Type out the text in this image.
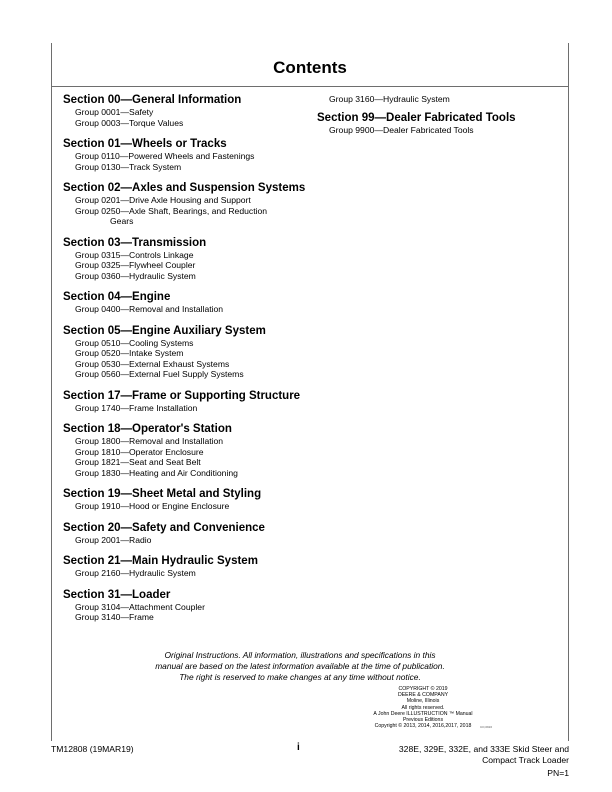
Contents
Section 00—General Information
Group 0001—Safety
Group 0003—Torque Values
Section 01—Wheels or Tracks
Group 0110—Powered Wheels and Fastenings
Group 0130—Track System
Section 02—Axles and Suspension Systems
Group 0201—Drive Axle Housing and Support
Group 0250—Axle Shaft, Bearings, and Reduction
Gears
Section 03—Transmission
Group 0315—Controls Linkage
Group 0325—Flywheel Coupler
Group 0360—Hydraulic System
Section 04—Engine
Group 0400—Removal and Installation
Section 05—Engine Auxiliary System
Group 0510—Cooling Systems
Group 0520—Intake System
Group 0530—External Exhaust Systems
Group 0560—External Fuel Supply Systems
Section 17—Frame or Supporting Structure
Group 1740—Frame Installation
Section 18—Operator's Station
Group 1800—Removal and Installation
Group 1810—Operator Enclosure
Group 1821—Seat and Seat Belt
Group 1830—Heating and Air Conditioning
Section 19—Sheet Metal and Styling
Group 1910—Hood or Engine Enclosure
Section 20—Safety and Convenience
Group 2001—Radio
Section 21—Main Hydraulic System
Group 2160—Hydraulic System
Section 31—Loader
Group 3104—Attachment Coupler
Group 3140—Frame
Group 3160—Hydraulic System
Section 99—Dealer Fabricated Tools
Group 9900—Dealer Fabricated Tools
Original Instructions. All information, illustrations and specifications in this
manual are based on the latest information available at the time of publication.
The right is reserved to make changes at any time without notice.
COPYRIGHT © 2019
DEERE & COMPANY
Moline, Illinois
All rights reserved.
A John Deere ILLUSTRUCTION ™ Manual
Previous Editions
Copyright © 2013, 2014, 2016,2017, 2018	CO,0916
TM12808 (19MAR19)	i	328E, 329E, 332E, and 333E Skid Steer and
Compact Track Loader
PN=1
